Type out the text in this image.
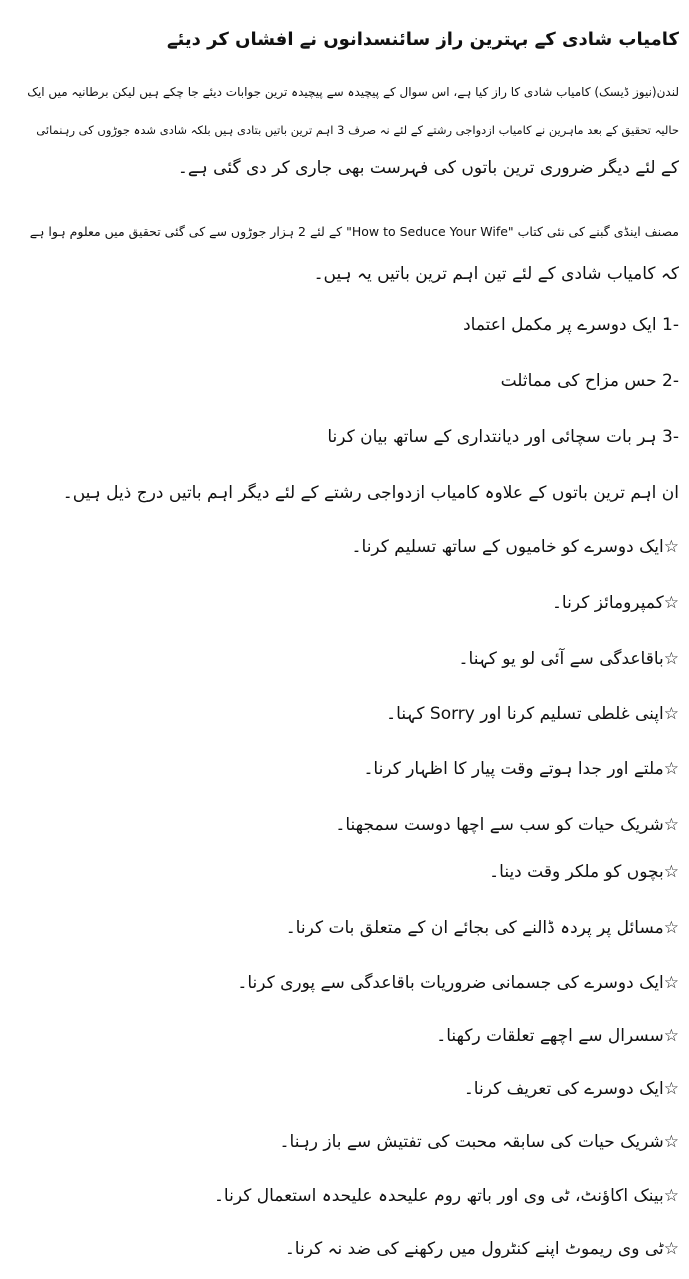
کامیاب شادی کے بہترین راز سائنسدانوں نے افشاں کر دیئے
لندن(نیوز ڈیسک) کامیاب شادی کا راز کیا ہے، اس سوال کے پیچیدہ سے پیچیدہ ترین جوابات دیئے جا چکے ہیں لیکن برطانیہ میں ایک
حالیہ تحقیق کے بعد ماہرین نے کامیاب ازدواجی رشتے کے لئے نہ صرف 3 اہم ترین باتیں بتادی ہیں بلکہ شادی شدہ جوڑوں کی رہنمائی
کے لئے دیگر ضروری ترین باتوں کی فہرست بھی جاری کر دی گئی ہے۔
مصنف اینڈی گبنے کی نئی کتاب "How to Seduce Your Wife" کے لئے 2 ہزار جوڑوں سے کی گئی تحقیق میں معلوم ہوا ہے
کہ کامیاب شادی کے لئے تین اہم ترین باتیں یہ ہیں۔
-1 ایک دوسرے پر مکمل اعتماد
-2 حس مزاح کی مماثلت
-3 ہر بات سچائی اور دیانتداری کے ساتھ بیان کرنا
ان اہم ترین باتوں کے علاوہ کامیاب ازدواجی رشتے کے لئے دیگر اہم باتیں درج ذیل ہیں۔
☆ایک دوسرے کو خامیوں کے ساتھ تسلیم کرنا۔
☆کمپرومائز کرنا۔
☆باقاعدگی سے آئی لو یو کہنا۔
☆اپنی غلطی تسلیم کرنا اور Sorry کہنا۔
☆ملتے اور جدا ہوتے وقت پیار کا اظہار کرنا۔
☆شریک حیات کو سب سے اچھا دوست سمجھنا۔
☆بچوں کو ملکر وقت دینا۔
☆مسائل پر پردہ ڈالنے کی بجائے ان کے متعلق بات کرنا۔
☆ایک دوسرے کی جسمانی ضروریات باقاعدگی سے پوری کرنا۔
☆سسرال سے اچھے تعلقات رکھنا۔
☆ایک دوسرے کی تعریف کرنا۔
☆شریک حیات کی سابقہ محبت کی تفتیش سے باز رہنا۔
☆بینک اکاؤنٹ، ٹی وی اور باتھ روم علیحدہ علیحدہ استعمال کرنا۔
☆ٹی وی ریموٹ اپنے کنٹرول میں رکھنے کی ضد نہ کرنا۔
